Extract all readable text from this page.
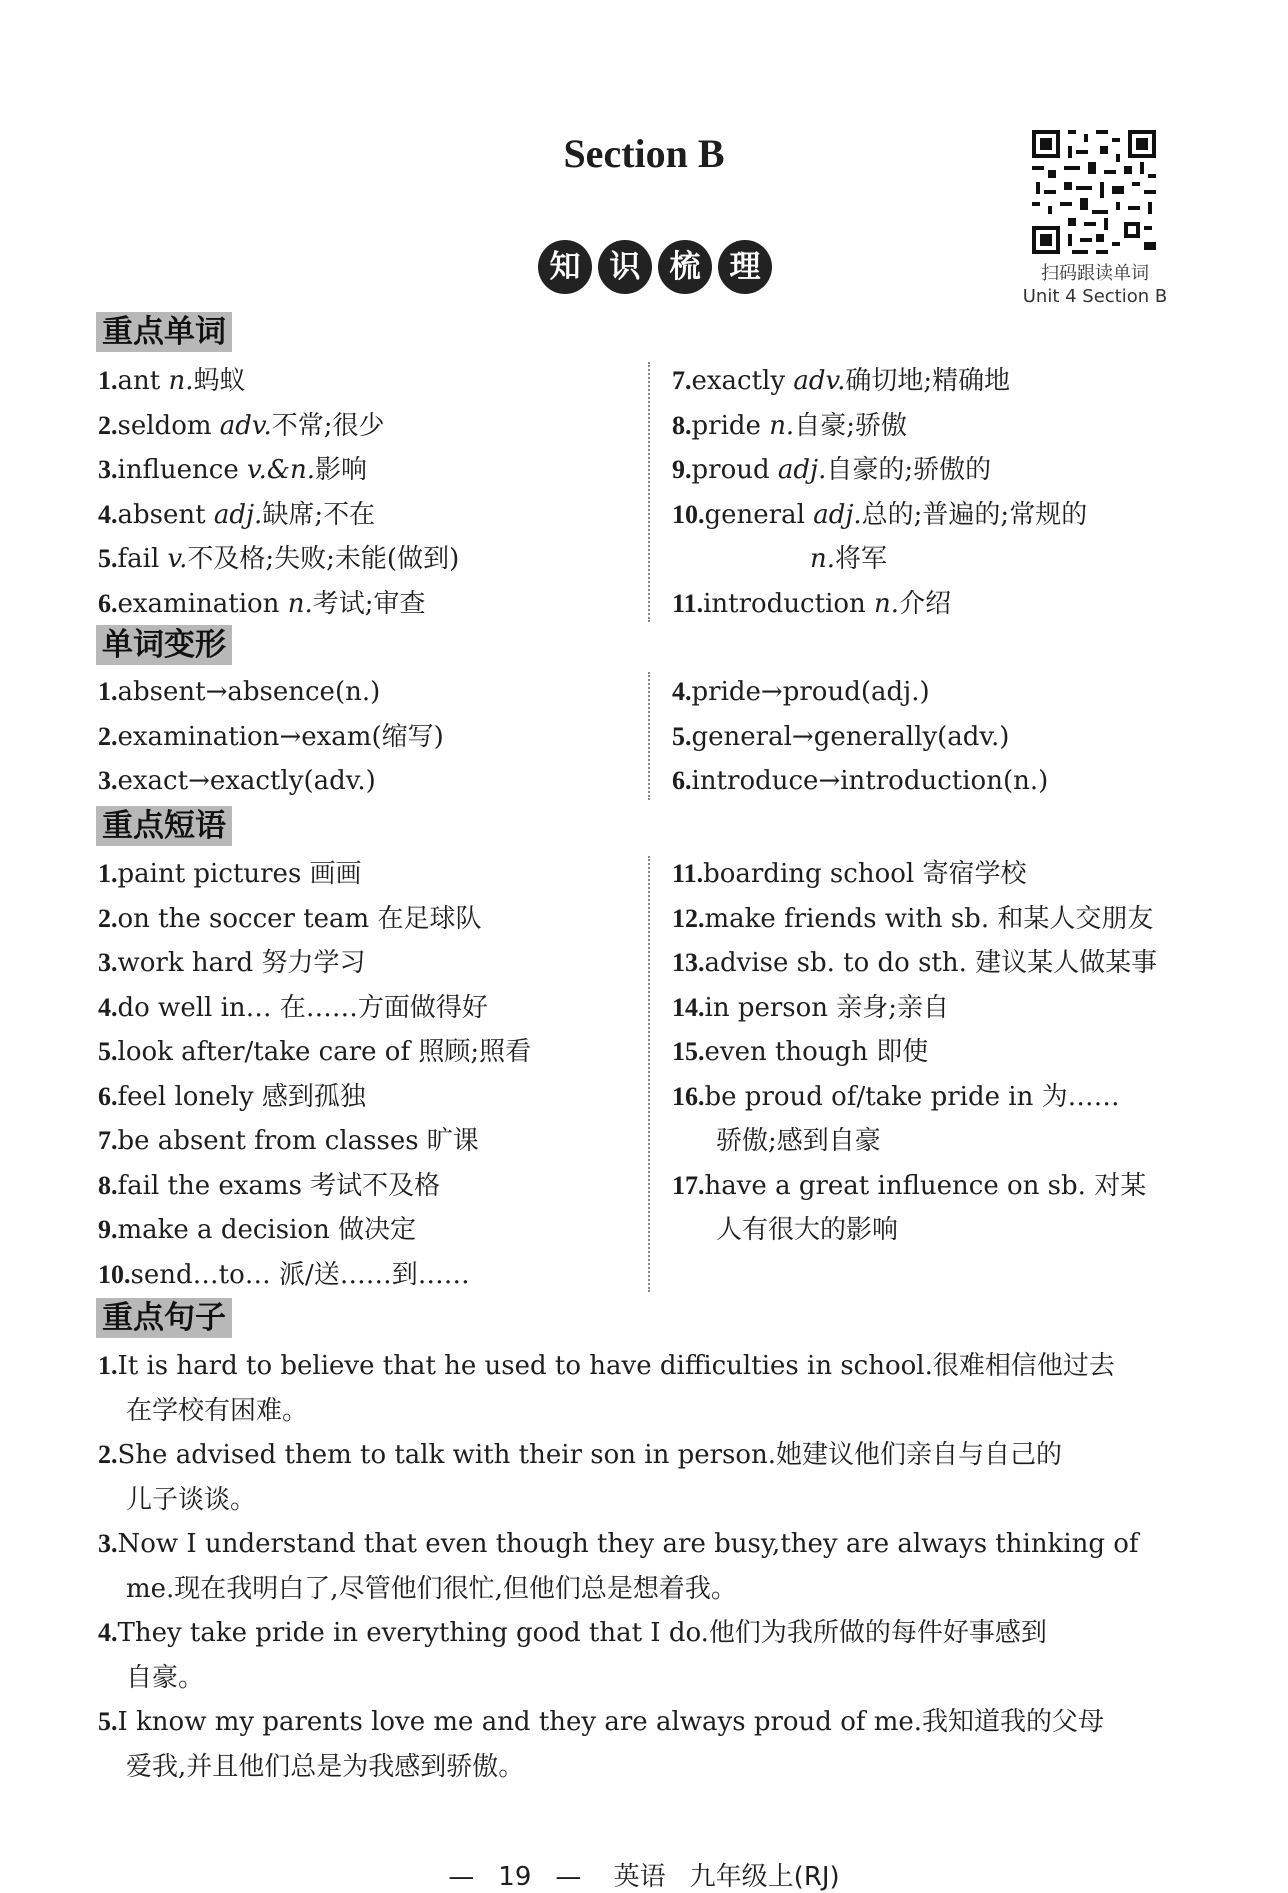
Section B
知 识 梳 理	扫码跟读单词
Unit 4 Section B
重点单词
1.ant n.蚂蚁
2.seldom adv.不常;很少
3.influence v.&n.影响
4.absent adj.缺席;不在
5.fail v.不及格;失败;未能(做到)
6.examination n.考试;审查
7.exactly adv.确切地;精确地
8.pride n.自豪;骄傲
9.proud adj.自豪的;骄傲的
10.general adj.总的;普遍的;常规的
n.将军
11.introduction n.介绍
单词变形
1.absent→absence(n.)
2.examination→exam(缩写)
3.exact→exactly(adv.)
4.pride→proud(adj.)
5.general→generally(adv.)
6.introduce→introduction(n.)
重点短语
1.paint pictures 画画
2.on the soccer team 在足球队
3.work hard 努力学习
4.do well in… 在……方面做得好
5.look after/take care of 照顾;照看
6.feel lonely 感到孤独
7.be absent from classes 旷课
8.fail the exams 考试不及格
9.make a decision 做决定
10.send…to… 派/送……到……
11.boarding school 寄宿学校
12.make friends with sb. 和某人交朋友
13.advise sb. to do sth. 建议某人做某事
14.in person 亲身;亲自
15.even though 即使
16.be proud of/take pride in 为……
骄傲;感到自豪
17.have a great influence on sb. 对某
人有很大的影响
重点句子
1.It is hard to believe that he used to have difficulties in school.很难相信他过去
在学校有困难。
2.She advised them to talk with their son in person.她建议他们亲自与自己的
儿子谈谈。
3.Now I understand that even though they are busy,they are always thinking of
me.现在我明白了,尽管他们很忙,但他们总是想着我。
4.They take pride in everything good that I do.他们为我所做的每件好事感到
自豪。
5.I know my parents love me and they are always proud of me.我知道我的父母
爱我,并且他们总是为我感到骄傲。
— 19 — 英语 九年级上(RJ)
